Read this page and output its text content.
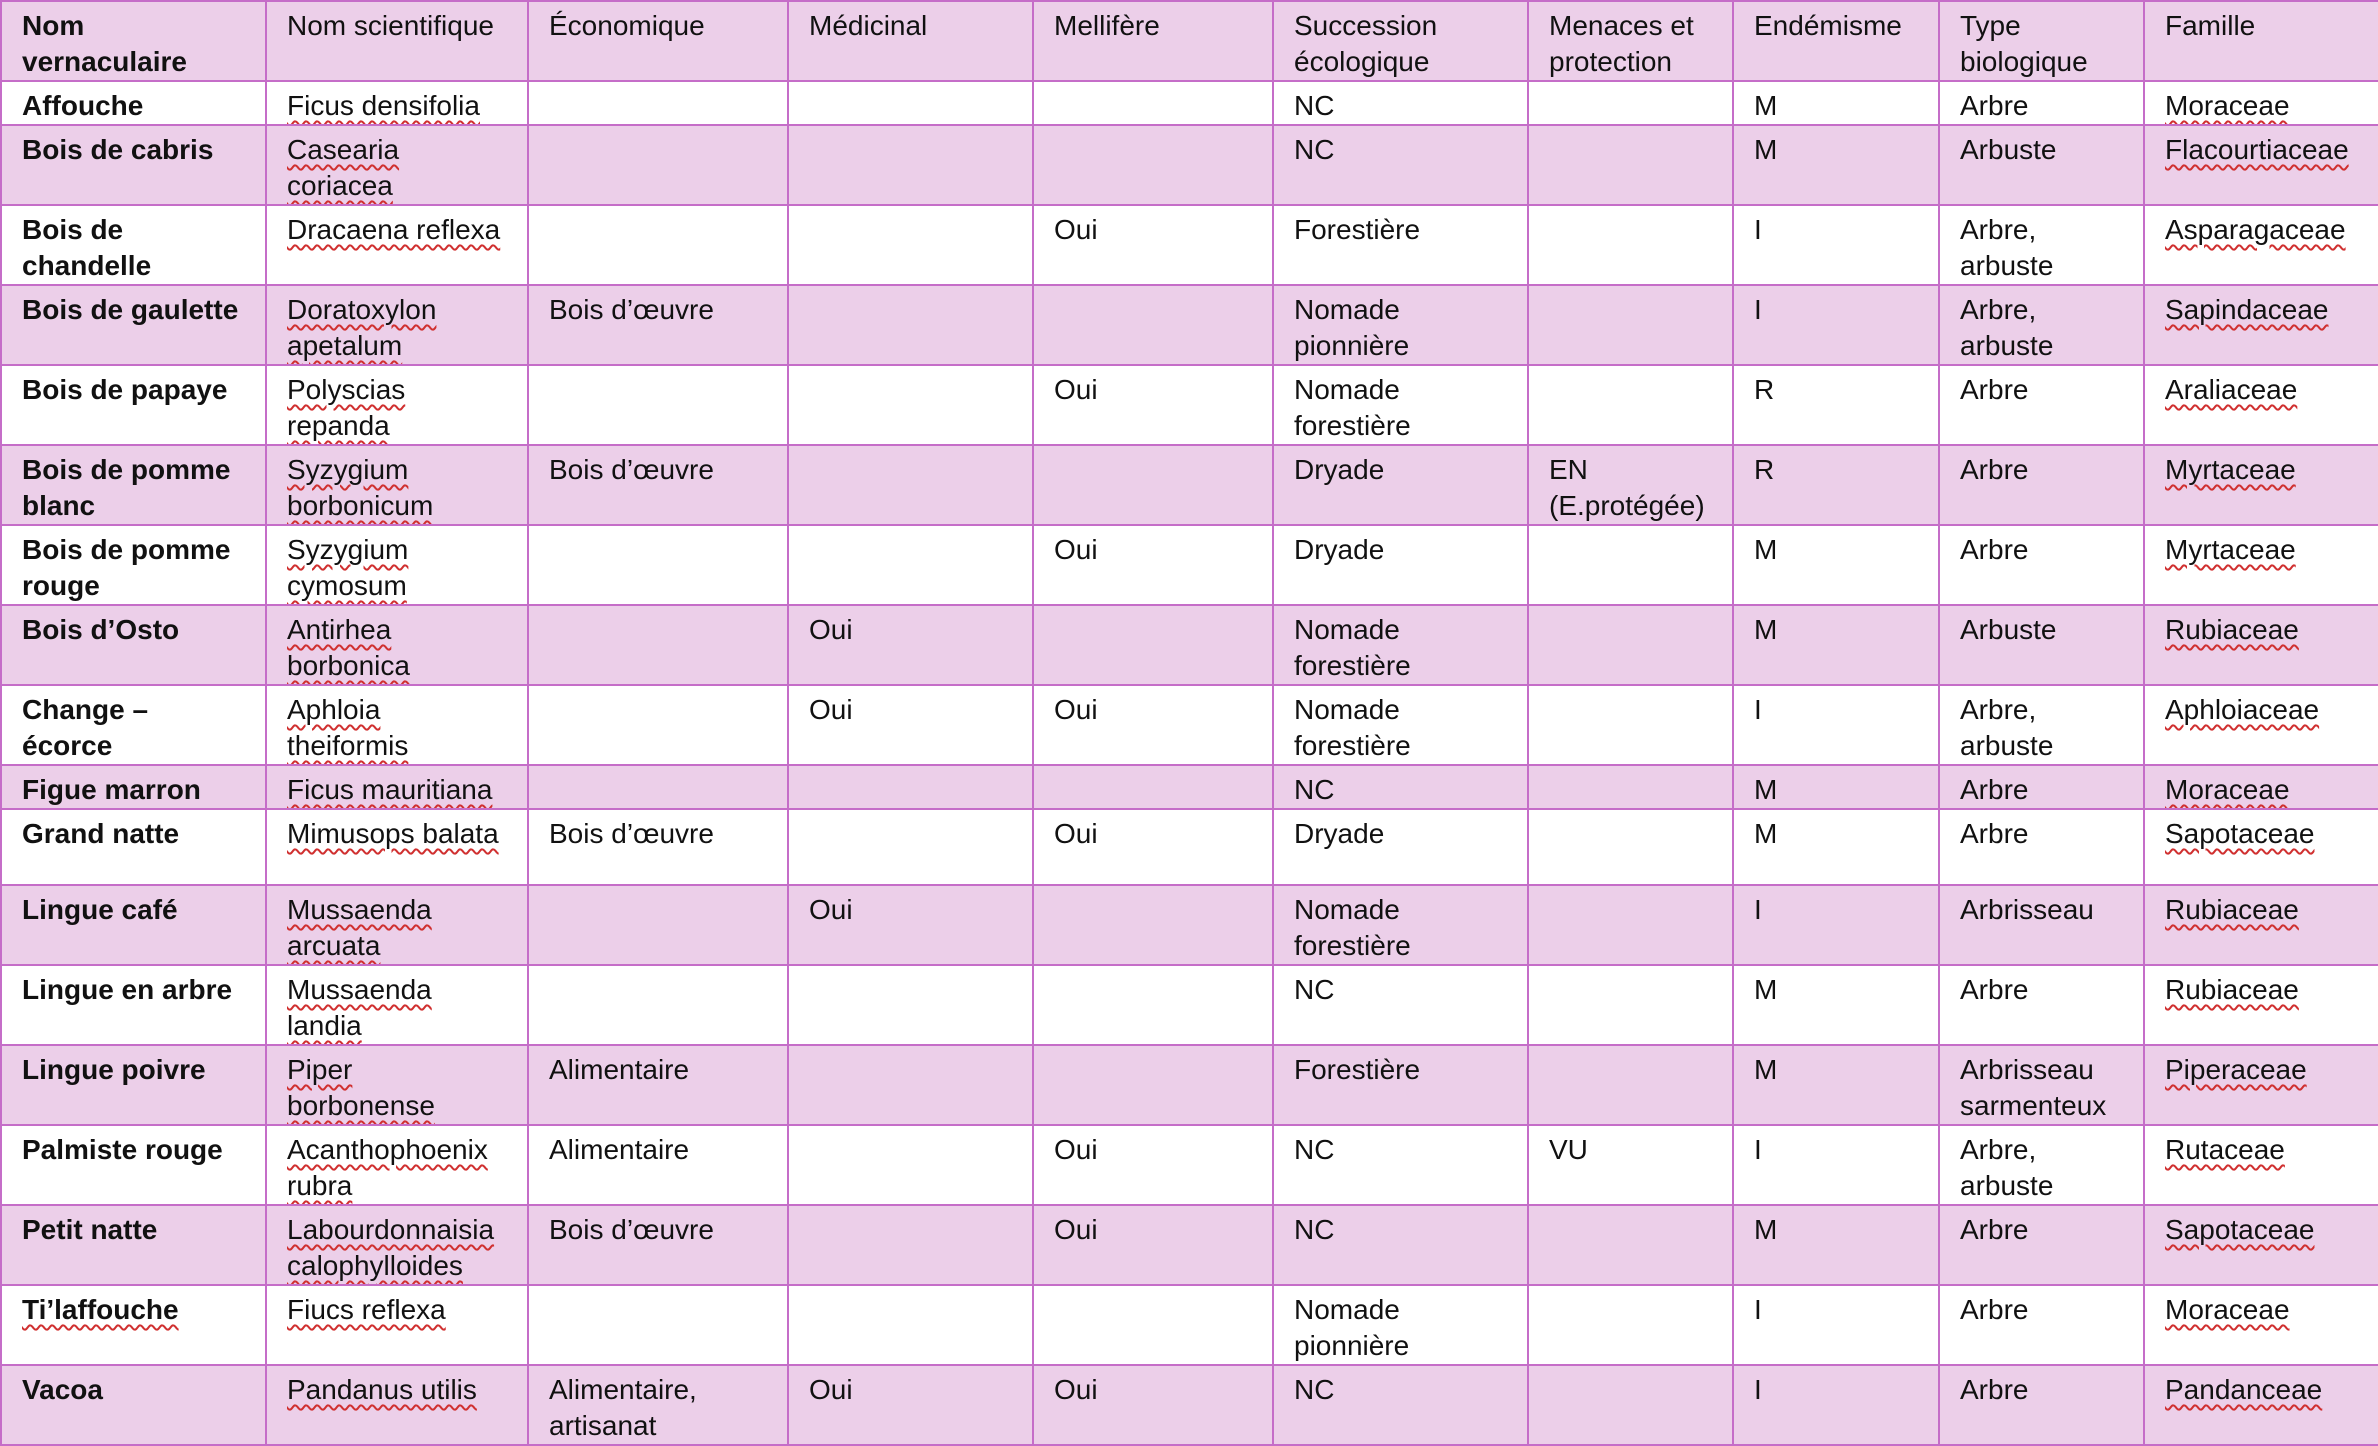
Nom vernaculaire	Nom scientifique	Économique	Médicinal	Mellifère	Succession écologique	Menaces et protection	Endémisme	Type biologique	Famille
Affouche	Ficus densifolia				NC		M	Arbre	Moraceae
Bois de cabris	Casearia coriacea				NC		M	Arbuste	Flacourtiaceae
Bois de chandelle	Dracaena reflexa			Oui	Forestière		I	Arbre, arbuste	Asparagaceae
Bois de gaulette	Doratoxylon apetalum	Bois d’œuvre			Nomade pionnière		I	Arbre, arbuste	Sapindaceae
Bois de papaye	Polyscias repanda			Oui	Nomade forestière		R	Arbre	Araliaceae
Bois de pomme blanc	Syzygium borbonicum	Bois d’œuvre			Dryade	EN (E.protégée)	R	Arbre	Myrtaceae
Bois de pomme rouge	Syzygium cymosum			Oui	Dryade		M	Arbre	Myrtaceae
Bois d’Osto	Antirhea borbonica		Oui		Nomade forestière		M	Arbuste	Rubiaceae
Change – écorce	Aphloia theiformis		Oui	Oui	Nomade forestière		I	Arbre, arbuste	Aphloiaceae
Figue marron	Ficus mauritiana				NC		M	Arbre	Moraceae
Grand natte	Mimusops balata	Bois d’œuvre		Oui	Dryade		M	Arbre	Sapotaceae
Lingue café	Mussaenda arcuata		Oui		Nomade forestière		I	Arbrisseau	Rubiaceae
Lingue en arbre	Mussaenda landia				NC		M	Arbre	Rubiaceae
Lingue poivre	Piper borbonense	Alimentaire			Forestière		M	Arbrisseau sarmenteux	Piperaceae
Palmiste rouge	Acanthophoenix rubra	Alimentaire		Oui	NC	VU	I	Arbre, arbuste	Rutaceae
Petit natte	Labourdonnaisia calophylloides	Bois d’œuvre		Oui	NC		M	Arbre	Sapotaceae
Ti’laffouche	Fiucs reflexa				Nomade pionnière		I	Arbre	Moraceae
Vacoa	Pandanus utilis	Alimentaire, artisanat	Oui	Oui	NC		I	Arbre	Pandanceae
